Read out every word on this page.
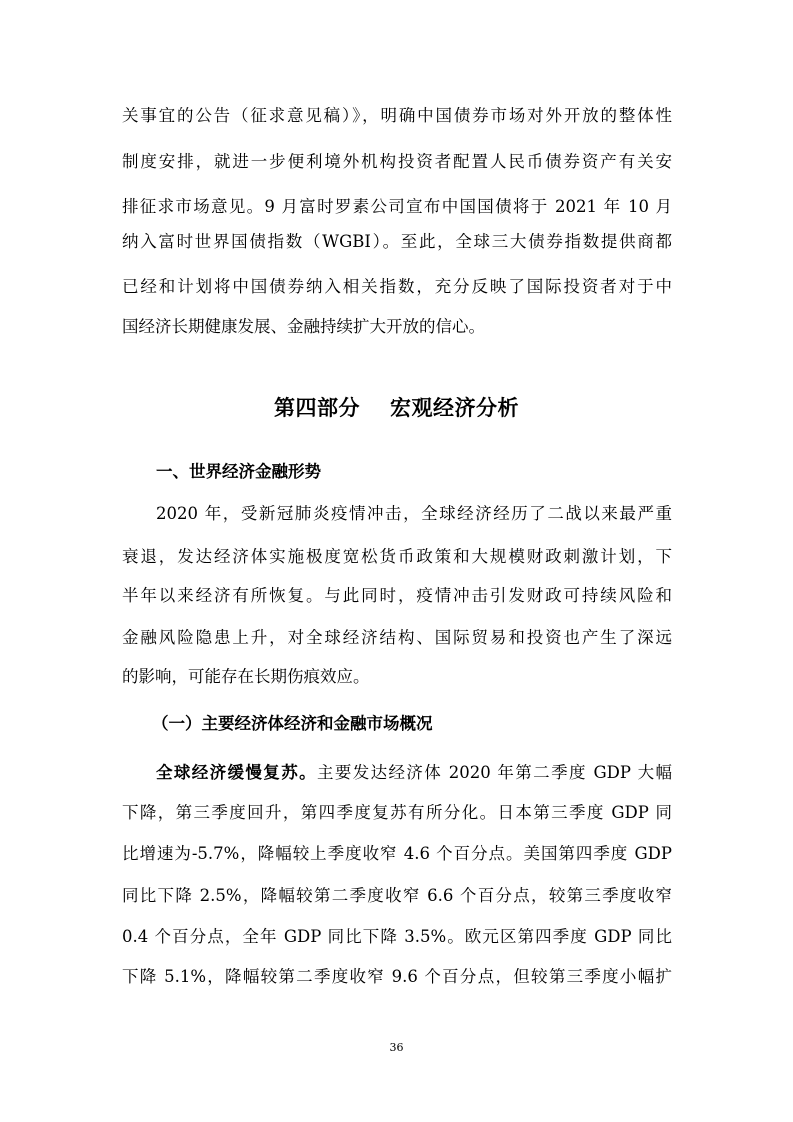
关事宜的公告（征求意见稿）》，明确中国债券市场对外开放的整体性
制度安排，就进一步便利境外机构投资者配置人民币债券资产有关安
排征求市场意见。9 月富时罗素公司宣布中国国债将于 2021 年 10 月
纳入富时世界国债指数（WGBI）。至此，全球三大债券指数提供商都
已经和计划将中国债券纳入相关指数，充分反映了国际投资者对于中
国经济长期健康发展、金融持续扩大开放的信心。
第四部分 宏观经济分析
一、世界经济金融形势
2020 年，受新冠肺炎疫情冲击，全球经济经历了二战以来最严重
衰退，发达经济体实施极度宽松货币政策和大规模财政刺激计划，下
半年以来经济有所恢复。与此同时，疫情冲击引发财政可持续风险和
金融风险隐患上升，对全球经济结构、国际贸易和投资也产生了深远
的影响，可能存在长期伤痕效应。
（一）主要经济体经济和金融市场概况
全球经济缓慢复苏。主要发达经济体 2020 年第二季度 GDP 大幅
下降，第三季度回升，第四季度复苏有所分化。日本第三季度 GDP 同
比增速为-5.7%，降幅较上季度收窄 4.6 个百分点。美国第四季度 GDP
同比下降 2.5%，降幅较第二季度收窄 6.6 个百分点，较第三季度收窄
0.4 个百分点，全年 GDP 同比下降 3.5%。欧元区第四季度 GDP 同比
下降 5.1%，降幅较第二季度收窄 9.6 个百分点，但较第三季度小幅扩
36
